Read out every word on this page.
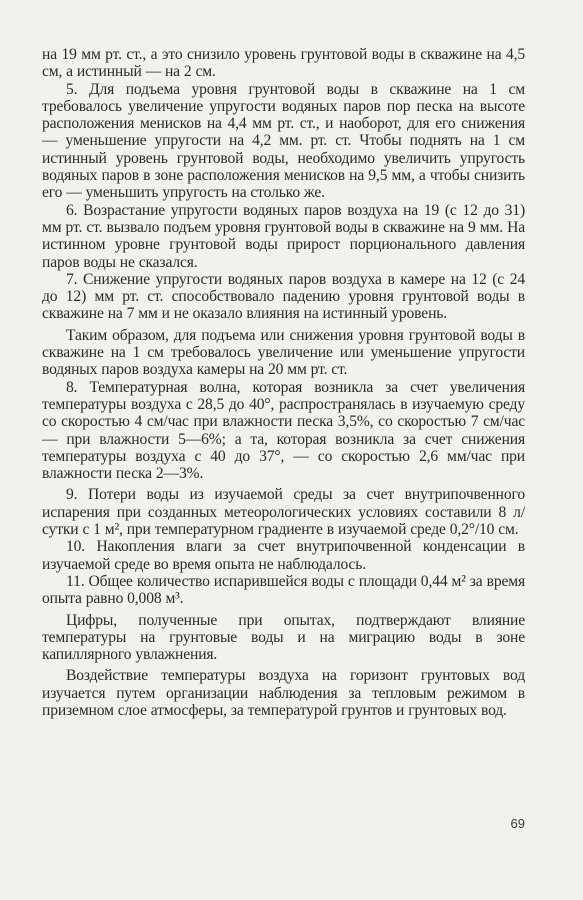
на 19 мм рт. ст., а это снизило уровень грунтовой воды в скважине на 4,5 см, а истинный — на 2 см.

5. Для подъема уровня грунтовой воды в скважине на 1 см требовалось увеличение упругости водяных паров пор песка на высоте расположения менисков на 4,4 мм рт. ст., и наоборот, для его снижения — уменьшение упругости на 4,2 мм. рт. ст. Чтобы поднять на 1 см истинный уровень грунтовой воды, необходимо увеличить упругость водяных паров в зоне расположения менисков на 9,5 мм, а чтобы снизить его — уменьшить упругость на столько же.

6. Возрастание упругости водяных паров воздуха на 19 (с 12 до 31) мм рт. ст. вызвало подъем уровня грунтовой воды в скважине на 9 мм. На истинном уровне грунтовой воды прирост порционального давления паров воды не сказался.

7. Снижение упругости водяных паров воздуха в камере на 12 (с 24 до 12) мм рт. ст. способствовало падению уровня грунтовой воды в скважине на 7 мм и не оказало влияния на истинный уровень.

Таким образом, для подъема или снижения уровня грунтовой воды в скважине на 1 см требовалось увеличение или уменьшение упругости водяных паров воздуха камеры на 20 мм рт. ст.

8. Температурная волна, которая возникла за счет увеличения температуры воздуха с 28,5 до 40°, распространялась в изучаемую среду со скоростью 4 см/час при влажности песка 3,5%, со скоростью 7 см/час — при влажности 5—6%; а та, которая возникла за счет снижения температуры воздуха с 40 до 37°, — со скоростью 2,6 мм/час при влажности песка 2—3%.

9. Потери воды из изучаемой среды за счет внутрипочвенного испарения при созданных метеорологических условиях составили 8 л/сутки с 1 м², при температурном градиенте в изучаемой среде 0,2°/10 см.

10. Накопления влаги за счет внутрипочвенной конденсации в изучаемой среде во время опыта не наблюдалось.

11. Общее количество испарившейся воды с площади 0,44 м² за время опыта равно 0,008 м³.

Цифры, полученные при опытах, подтверждают влияние температуры на грунтовые воды и на миграцию воды в зоне капиллярного увлажнения.

Воздействие температуры воздуха на горизонт грунтовых вод изучается путем организации наблюдения за тепловым режимом в приземном слое атмосферы, за температурой грунтов и грунтовых вод.

69
